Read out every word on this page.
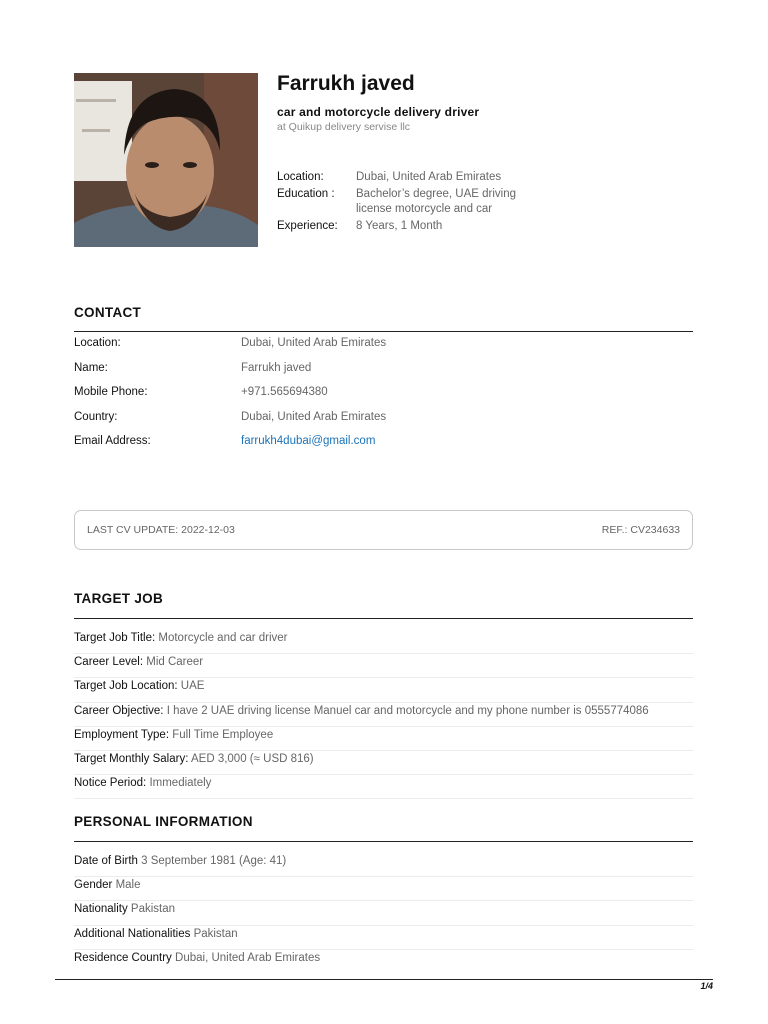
Farrukh javed
car and motorcycle delivery driver
at Quikup delivery servise llc
Location:	Dubai, United Arab Emirates
Education :	Bachelor’s degree, UAE driving license motorcycle and car
Experience:	8 Years, 1 Month
CONTACT
Location:	Dubai, United Arab Emirates
Name:	Farrukh javed
Mobile Phone:	+971.565694380
Country:	Dubai, United Arab Emirates
Email Address:	farrukh4dubai@gmail.com
LAST CV UPDATE: 2022-12-03	REF.: CV234633
TARGET JOB
Target Job Title: Motorcycle and car driver
Career Level: Mid Career
Target Job Location: UAE
Career Objective: I have 2 UAE driving license Manuel car and motorcycle and my phone number is 0555774086
Employment Type: Full Time Employee
Target Monthly Salary: AED 3,000 (≈ USD 816)
Notice Period: Immediately
PERSONAL INFORMATION
Date of Birth 3 September 1981 (Age: 41)
Gender Male
Nationality Pakistan
Additional Nationalities Pakistan
Residence Country Dubai, United Arab Emirates
1/4
